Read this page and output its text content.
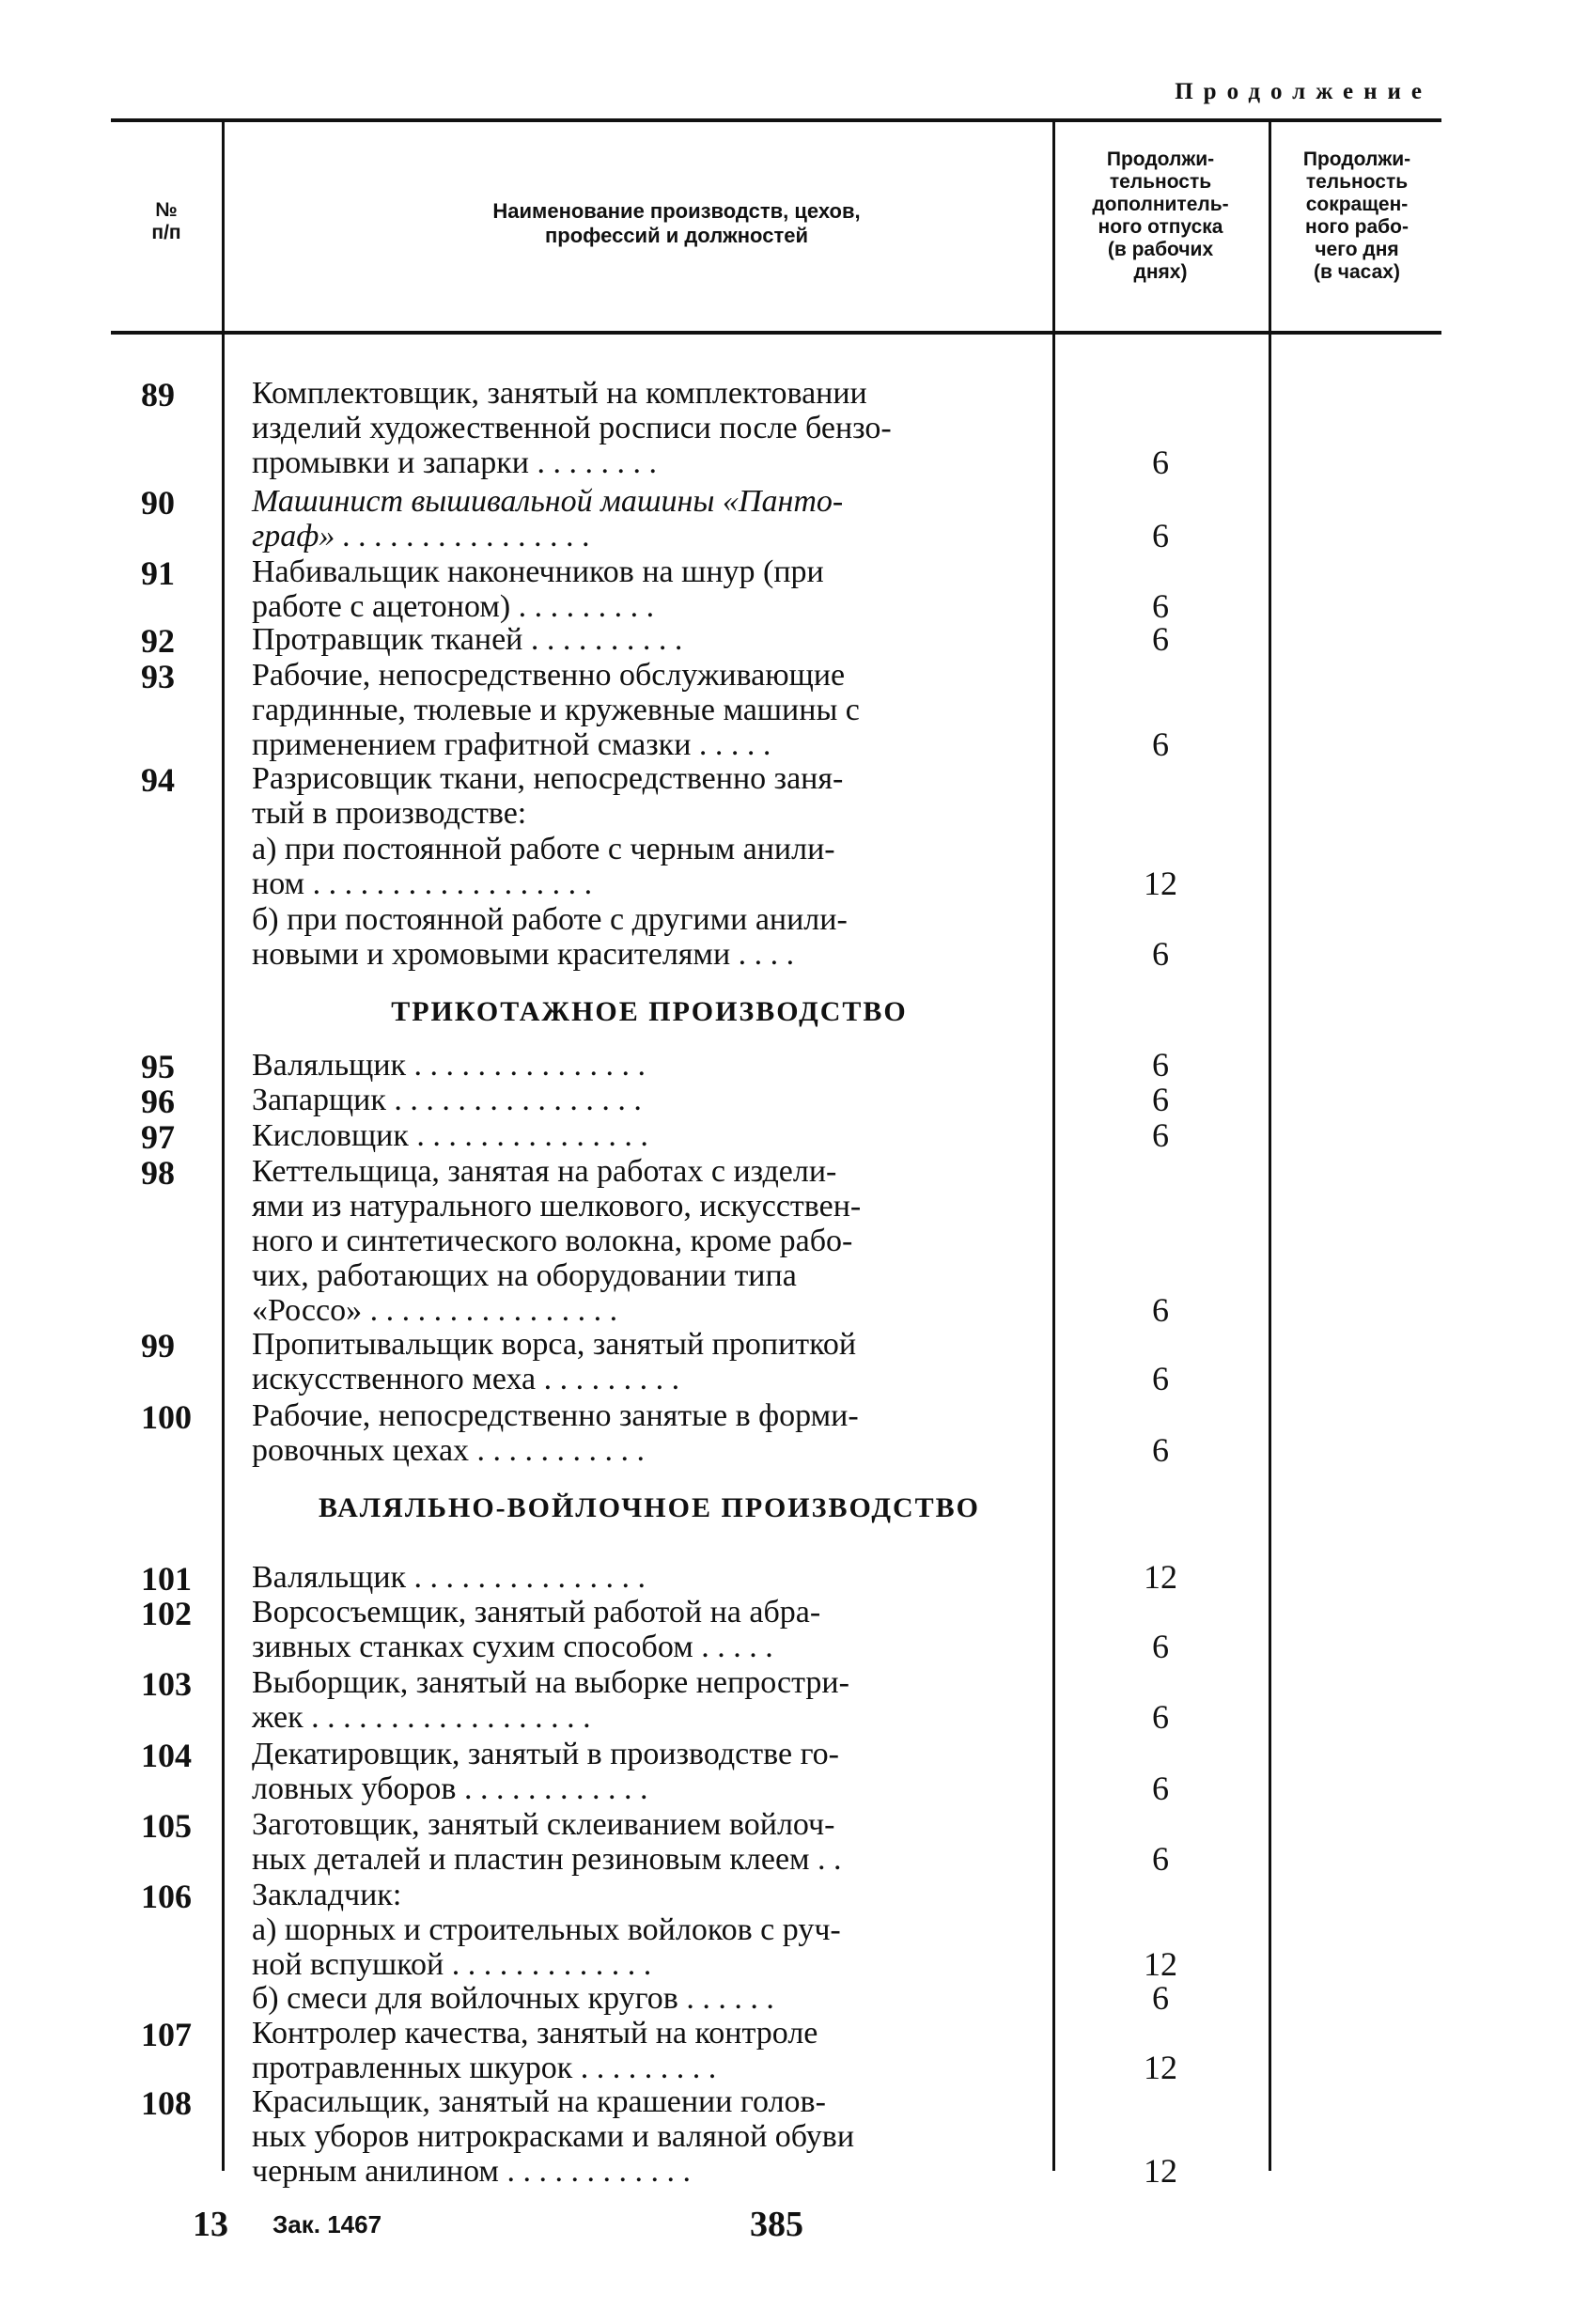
Продолжение
№
п/п
Наименование производств, цехов,
профессий и должностей
Продолжи-
тельность
дополнитель-
ного отпуска
(в рабочих
днях)
Продолжи-
тельность
сокращен-
ного рабо-
чего дня
(в часах)
89	Комплектовщик, занятый на комплектовании
изделий художественной росписи после бензо-
промывки и запарки . . . . . . . .	6
90	Машинист вышивальной машины «Панто-
граф» . . . . . . . . . . . . . . . .	6
91	Набивальщик наконечников на шнур (при
работе с ацетоном) . . . . . . . . .	6
92	Протравщик тканей . . . . . . . . . .	6
93	Рабочие, непосредственно обслуживающие
гардинные, тюлевые и кружевные машины с
применением графитной смазки . . . . .	6
94	Разрисовщик ткани, непосредственно заня-
тый в производстве:
а) при постоянной работе с черным анили-
ном . . . . . . . . . . . . . . . . . .	12
б) при постоянной работе с другими анили-
новыми и хромовыми красителями . . . .	6
95	Валяльщик . . . . . . . . . . . . . . .	6
96	Запарщик . . . . . . . . . . . . . . . .	6
97	Кисловщик . . . . . . . . . . . . . . .	6
98	Кеттельщица, занятая на работах с издели-
ями из натурального шелкового, искусствен-
ного и синтетического волокна, кроме рабо-
чих, работающих на оборудовании типа
«Россо» . . . . . . . . . . . . . . . .	6
99	Пропитывальщик ворса, занятый пропиткой
искусственного меха . . . . . . . . .	6
100	Рабочие, непосредственно занятые в форми-
ровочных цехах . . . . . . . . . . .	6
101	Валяльщик . . . . . . . . . . . . . . .	12
102	Ворсосъемщик, занятый работой на абра-
зивных станках сухим способом . . . . .	6
103	Выборщик, занятый на выборке непростри-
жек . . . . . . . . . . . . . . . . . .	6
104	Декатировщик, занятый в производстве го-
ловных уборов . . . . . . . . . . . .	6
105	Заготовщик, занятый склеиванием войлоч-
ных деталей и пластин резиновым клеем . .	6
106	Закладчик:
а) шорных и строительных войлоков с руч-
ной вспушкой . . . . . . . . . . . . .	12
б) смеси для войлочных кругов . . . . . .	6
107	Контролер качества, занятый на контроле
протравленных шкурок . . . . . . . . .	12
108	Красильщик, занятый на крашении голов-
ных уборов нитрокрасками и валяной обуви
черным анилином . . . . . . . . . . . .	12
ТРИКОТАЖНОЕ ПРОИЗВОДСТВО
ВАЛЯЛЬНО-ВОЙЛОЧНОЕ ПРОИЗВОДСТВО
13 Зак. 1467	385
